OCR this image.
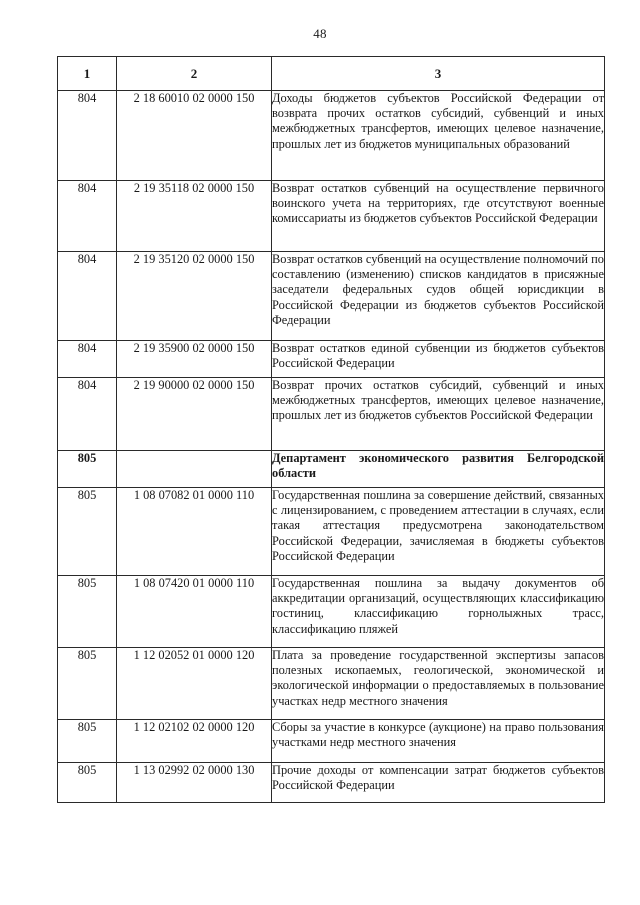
48
1	2	3
804	2 18 60010 02 0000 150	Доходы бюджетов субъектов Российской Федерации от возврата прочих остатков субсидий, субвенций и иных межбюджетных трансфертов, имеющих целевое назначение, прошлых лет из бюджетов муниципальных образований
804	2 19 35118 02 0000 150	Возврат остатков субвенций на осуществление первичного воинского учета на территориях, где отсутствуют военные комиссариаты из бюджетов субъектов Российской Федерации
804	2 19 35120 02 0000 150	Возврат остатков субвенций на осуществление полномочий по составлению (изменению) списков кандидатов в присяжные заседатели федеральных судов общей юрисдикции в Российской Федерации из бюджетов субъектов Российской Федерации
804	2 19 35900 02 0000 150	Возврат остатков единой субвенции из бюджетов субъектов Российской Федерации
804	2 19 90000 02 0000 150	Возврат прочих остатков субсидий, субвенций и иных межбюджетных трансфертов, имеющих целевое назначение, прошлых лет из бюджетов субъектов Российской Федерации
805		Департамент экономического развития Белгородской области
805	1 08 07082 01 0000 110	Государственная пошлина за совершение действий, связанных с лицензированием, с проведением аттестации в случаях, если такая аттестация предусмотрена законодательством Российской Федерации, зачисляемая в бюджеты субъектов Российской Федерации
805	1 08 07420 01 0000 110	Государственная пошлина за выдачу документов об аккредитации организаций, осуществляющих классификацию гостиниц, классификацию горнолыжных трасс, классификацию пляжей
805	1 12 02052 01 0000 120	Плата за проведение государственной экспертизы запасов полезных ископаемых, геологической, экономической и экологической информации о предоставляемых в пользование участках недр местного значения
805	1 12 02102 02 0000 120	Сборы за участие в конкурсе (аукционе) на право пользования участками недр местного значения
805	1 13 02992 02 0000 130	Прочие доходы от компенсации затрат бюджетов субъектов Российской Федерации
